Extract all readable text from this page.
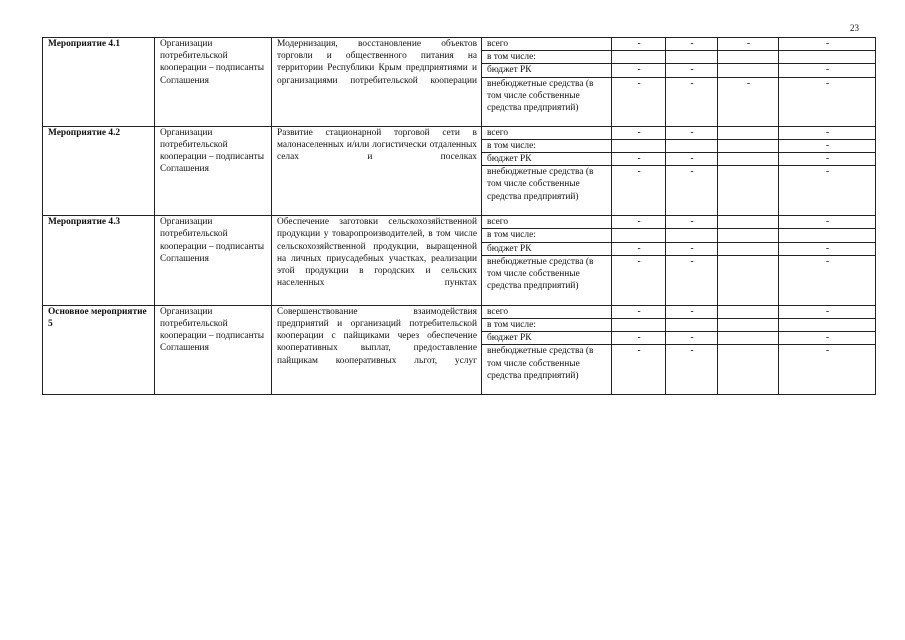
23
Мероприятие 4.1	Организации потребительской кооперации – подписанты Соглашения	Модернизация, восстановление объектов торговли и общественного питания на территории Республики Крым предприятиями и организациями потребительской кооперации	всего	-	-	-	-
			в том числе:				
			бюджет РК	-	-		-
			внебюджетные средства (в том числе собственные средства предприятий)	-	-	-	-
Мероприятие 4.2	Организации потребительской кооперации – подписанты Соглашения	Развитие стационарной торговой сети в малонаселенных и/или логистически отдаленных селах и поселках	всего	-	-		-
			в том числе:				-
			бюджет РК	-	-		-
			внебюджетные средства (в том числе собственные средства предприятий)	-	-		-
Мероприятие 4.3	Организации потребительской кооперации – подписанты Соглашения	Обеспечение заготовки сельскохозяйственной продукции у товаропроизводителей, в том числе сельскохозяйственной продукции, выращенной на личных приусадебных участках, реализации этой продукции в городских и сельских населенных пунктах	всего	-	-		-
			в том числе:				
			бюджет РК	-	-		-
			внебюджетные средства (в том числе собственные средства предприятий)	-	-		-
Основное мероприятие 5	Организации потребительской кооперации – подписанты Соглашения	Совершенствование взаимодействия предприятий и организаций потребительской кооперации с пайщиками через обеспечение кооперативных выплат, предоставление пайщикам кооперативных льгот, услуг	всего	-	-		-
			в том числе:				
			бюджет РК	-	-		-
			внебюджетные средства (в том числе собственные средства предприятий)	-	-		-
